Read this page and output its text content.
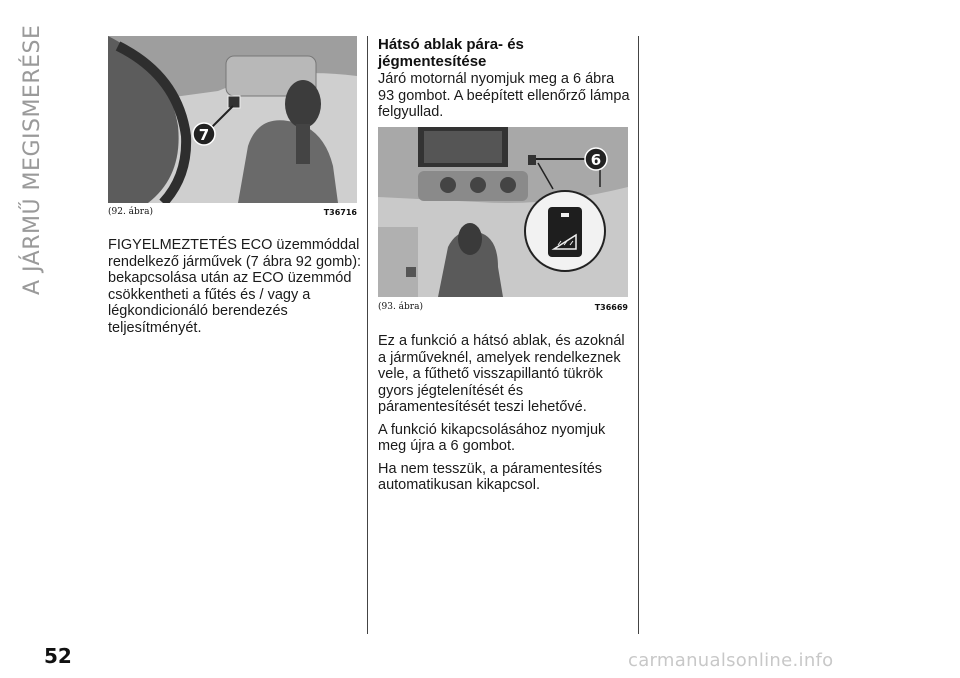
A JÁRMŰ MEGISMERÉSE	7
(92. ábra)	T36716

FIGYELMEZTETÉS ECO üzemmóddal rendelkező járművek (7 ábra 92 gomb): bekapcsolása után az ECO üzemmód csökkentheti a fűtés és / vagy a légkondicionáló berendezés teljesítményét.

Hátsó ablak pára- és jégmentesítése

Járó motornál nyomjuk meg a 6 ábra 93 gombot. A beépített ellenőrző lámpa felgyullad.

6
(93. ábra)	T36669

Ez a funkció a hátsó ablak, és azoknál a járműveknél, amelyek rendelkeznek vele, a fűthető visszapillantó tükrök gyors jégtelenítését és páramentesítését teszi lehetővé.

A funkció kikapcsolásához nyomjuk meg újra a 6 gombot.

Ha nem tesszük, a páramentesítés automatikusan kikapcsol.

52	carmanualsonline.info
